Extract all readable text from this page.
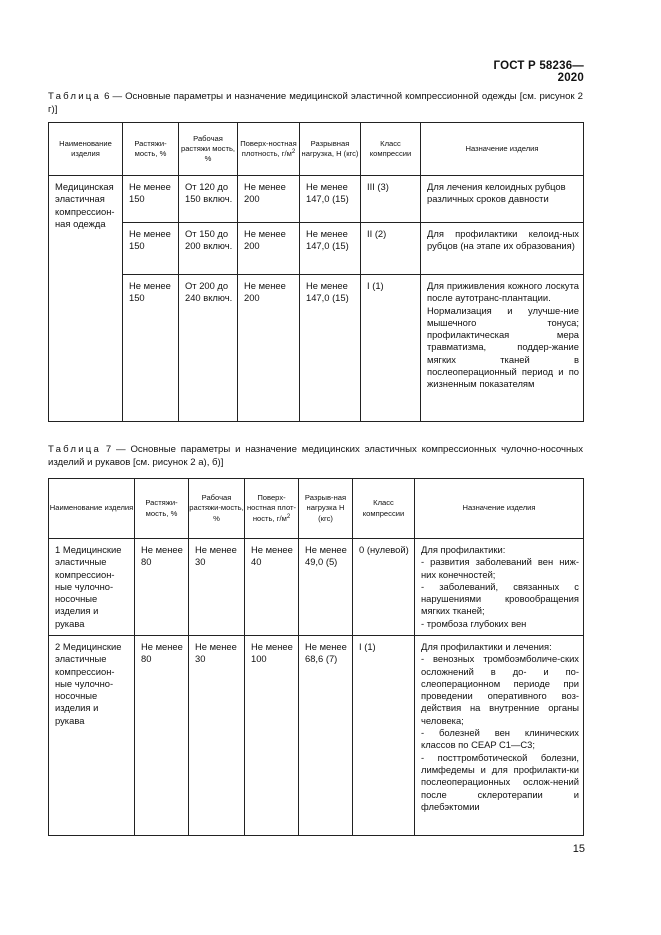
ГОСТ Р 58236—2020
Таблица 6 — Основные параметры и назначение медицинской эластичной компрессионной одежды [см. рисунок 2 г)]
Наименование изделия	Растяжи-мость, %	Рабочая растяжи мость, %	Поверх-ностная плотность, $г/м^2$	Разрывная нагрузка, Н (кгс)	Класс компрессии	Назначение изделия

Медицинская эластичная компрессион-ная одежда	Не менее 150	От 120 до 150 включ.	Не менее 200	Не менее 147,0 (15)	III (3)	Для лечения келоидных рубцов различных сроков давности

	Не менее 150	От 150 до 200 включ.	Не менее 200	Не менее 147,0 (15)	II (2)	Для профилактики келоид-ных рубцов (на этапе их образования)

	Не менее 150	От 200 до 240 включ.	Не менее 200	Не менее 147,0 (15)	I (1)	Для приживления кожного лоскута после аутотранс-плантации.
Нормализация и улучше-ние мышечного тонуса; профилактическая мера травматизма, поддер-жание мягких тканей в послеоперационный период и по жизненным показателям
Таблица 7 — Основные параметры и назначение медицинских эластичных компрессионных чулочно-носочных изделий и рукавов [см. рисунок 2 а), б)]
Наименование изделия	Растяжи-мость, %	Рабочая растяжи-мость, %	Поверх-ностная плот-ность, $г/м^2$	Разрыв-ная нагрузка Н (кгс)	Класс компрессии	Назначение изделия

1 Медицинские эластичные компрессион-ные чулочно-носочные изделия и рукава	Не менее 80	Не менее 30	Не менее 40	Не менее 49,0 (5)	0 (нулевой)	Для профилактики:
- развития заболеваний вен ниж-них конечностей;
- заболеваний, связанных с нарушениями кровообращения мягких тканей;
- тромбоза глубоких вен

2 Медицинские эластичные компрессион-ные чулочно-носочные изделия и рукава	Не менее 80	Не менее 30	Не менее 100	Не менее 68,6 (7)	I (1)	Для профилактики и лечения:
- венозных тромбоэмболиче-ских осложнений в до- и по-слеоперационном периоде при проведении оперативного воз-действия на внутренние органы человека;
- болезней вен клинических классов по CEAP C1—C3;
- посттромботической болезни, лимфедемы и для профилакти-ки послеоперационных ослож-нений после склеротерапии и флебэктомии
15
